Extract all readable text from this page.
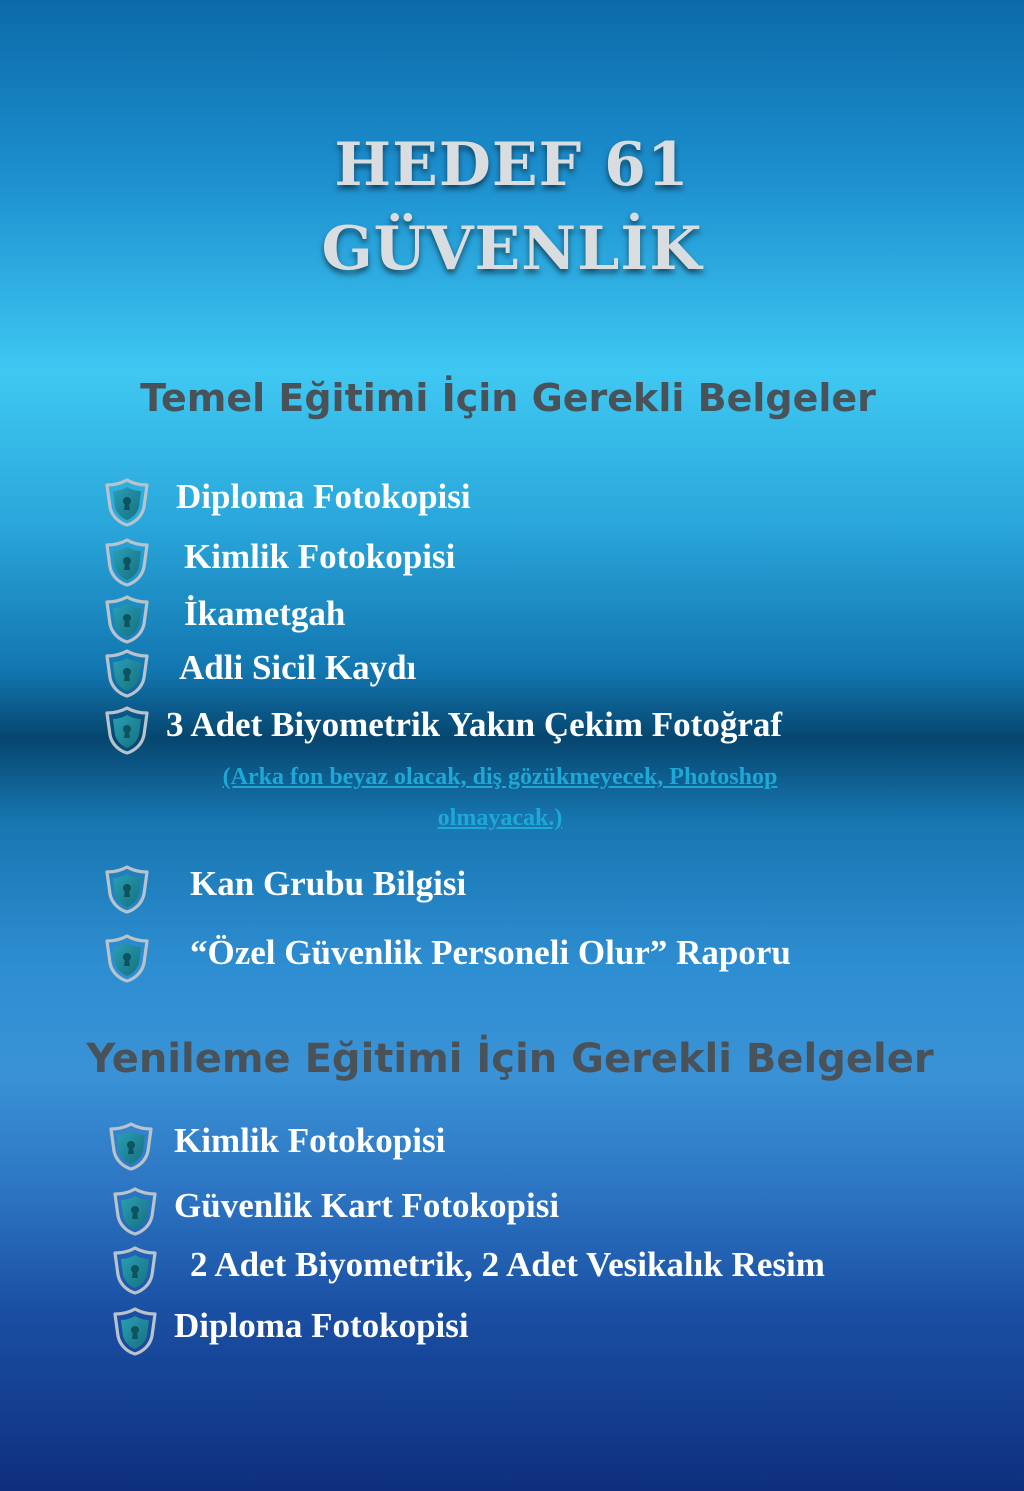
HEDEF 61
GÜVENLİK
Temel Eğitimi İçin Gerekli Belgeler
Diploma Fotokopisi
Kimlik Fotokopisi
İkametgah
Adli Sicil Kaydı
3 Adet Biyometrik Yakın Çekim Fotoğraf

(Arka fon beyaz olacak, diş gözükmeyecek, Photoshop

olmayacak.)

Kan Grubu Bilgisi
“Özel Güvenlik Personeli Olur” Raporu
Yenileme Eğitimi İçin Gerekli Belgeler
Kimlik Fotokopisi
Güvenlik Kart Fotokopisi
2 Adet Biyometrik, 2 Adet Vesikalık Resim
Diploma Fotokopisi
